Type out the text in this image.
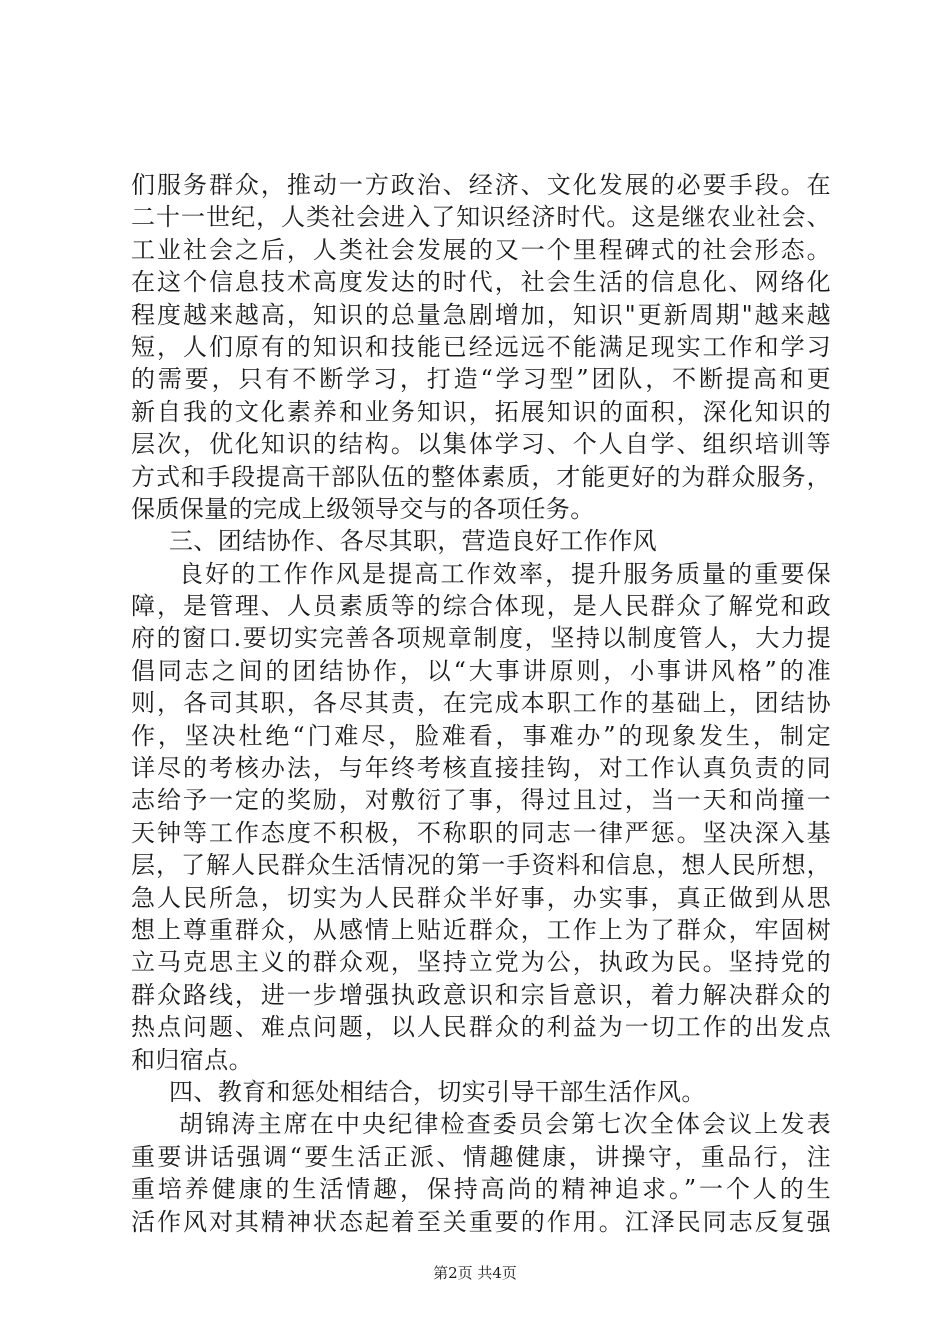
们服务群众，推动一方政治、经济、文化发展的必要手段。在
二十一世纪，人类社会进入了知识经济时代。这是继农业社会、
工业社会之后，人类社会发展的又一个里程碑式的社会形态。
在这个信息技术高度发达的时代，社会生活的信息化、网络化
程度越来越高，知识的总量急剧增加，知识"更新周期"越来越
短，人们原有的知识和技能已经远远不能满足现实工作和学习
的需要，只有不断学习，打造“学习型”团队，不断提高和更
新自我的文化素养和业务知识，拓展知识的面积，深化知识的
层次，优化知识的结构。以集体学习、个人自学、组织培训等
方式和手段提高干部队伍的整体素质，才能更好的为群众服务，
保质保量的完成上级领导交与的各项任务。
三、团结协作、各尽其职，营造良好工作作风
良好的工作作风是提高工作效率，提升服务质量的重要保
障，是管理、人员素质等的综合体现，是人民群众了解党和政
府的窗口.要切实完善各项规章制度，坚持以制度管人，大力提
倡同志之间的团结协作，以“大事讲原则，小事讲风格”的准
则，各司其职，各尽其责，在完成本职工作的基础上，团结协
作，坚决杜绝“门难尽，脸难看，事难办”的现象发生，制定
详尽的考核办法，与年终考核直接挂钩，对工作认真负责的同
志给予一定的奖励，对敷衍了事，得过且过，当一天和尚撞一
天钟等工作态度不积极，不称职的同志一律严惩。坚决深入基
层，了解人民群众生活情况的第一手资料和信息，想人民所想，
急人民所急，切实为人民群众半好事，办实事，真正做到从思
想上尊重群众，从感情上贴近群众，工作上为了群众，牢固树
立马克思主义的群众观，坚持立党为公，执政为民。坚持党的
群众路线，进一步增强执政意识和宗旨意识，着力解决群众的
热点问题、难点问题，以人民群众的利益为一切工作的出发点
和归宿点。
四、教育和惩处相结合，切实引导干部生活作风。
胡锦涛主席在中央纪律检查委员会第七次全体会议上发表
重要讲话强调“要生活正派、情趣健康，讲操守，重品行，注
重培养健康的生活情趣，保持高尚的精神追求。”一个人的生
活作风对其精神状态起着至关重要的作用。江泽民同志反复强
第2页 共4页
